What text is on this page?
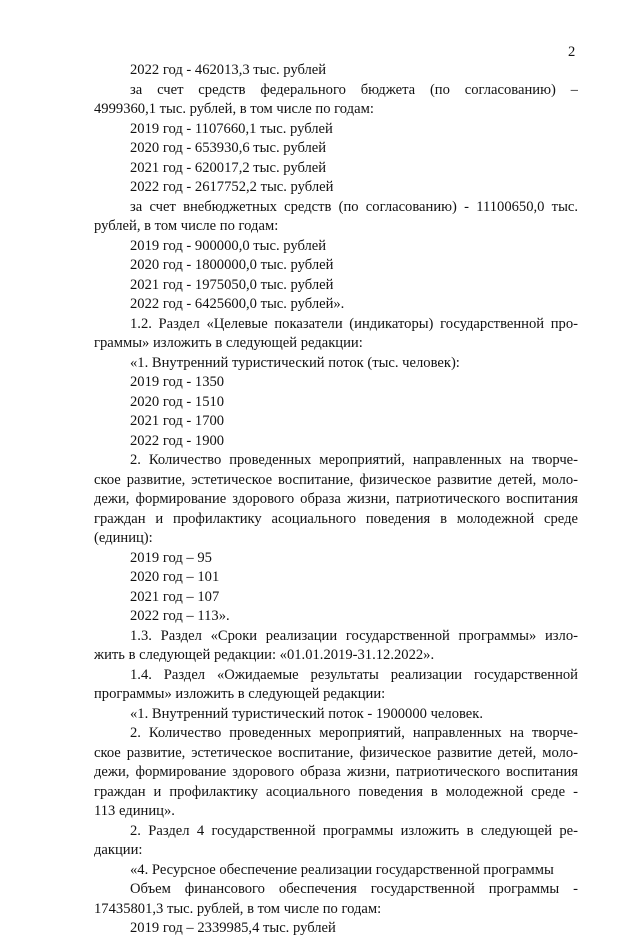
2
2022 год - 462013,3 тыс. рублей
за счет средств федерального бюджета (по согласованию) –
4999360,1 тыс. рублей, в том числе по годам:
2019 год - 1107660,1 тыс. рублей
2020 год - 653930,6 тыс. рублей
2021 год - 620017,2 тыс. рублей
2022 год - 2617752,2 тыс. рублей
за счет внебюджетных средств (по согласованию) - 11100650,0 тыс.
рублей, в том числе по годам:
2019 год - 900000,0 тыс. рублей
2020 год - 1800000,0 тыс. рублей
2021 год - 1975050,0 тыс. рублей
2022 год - 6425600,0 тыс. рублей».
1.2. Раздел «Целевые показатели (индикаторы) государственной про-
граммы» изложить в следующей редакции:
«1. Внутренний туристический поток (тыс. человек):
2019 год - 1350
2020 год - 1510
2021 год - 1700
2022 год - 1900
2. Количество проведенных мероприятий, направленных на творче-
ское развитие, эстетическое воспитание, физическое развитие детей, моло-
дежи, формирование здорового образа жизни, патриотического воспитания
граждан и профилактику асоциального поведения в молодежной среде
(единиц):
2019 год – 95
2020 год – 101
2021 год – 107
2022 год – 113».
1.3. Раздел «Сроки реализации государственной программы» изло-
жить в следующей редакции: «01.01.2019-31.12.2022».
1.4. Раздел «Ожидаемые результаты реализации государственной
программы» изложить в следующей редакции:
«1. Внутренний туристический поток - 1900000 человек.
2. Количество проведенных мероприятий, направленных на творче-
ское развитие, эстетическое воспитание, физическое развитие детей, моло-
дежи, формирование здорового образа жизни, патриотического воспитания
граждан и профилактику асоциального поведения в молодежной среде -
113 единиц».
2. Раздел 4 государственной программы изложить в следующей ре-
дакции:
«4. Ресурсное обеспечение реализации государственной программы
Объем финансового обеспечения государственной программы -
17435801,3 тыс. рублей, в том числе по годам:
2019 год – 2339985,4 тыс. рублей
